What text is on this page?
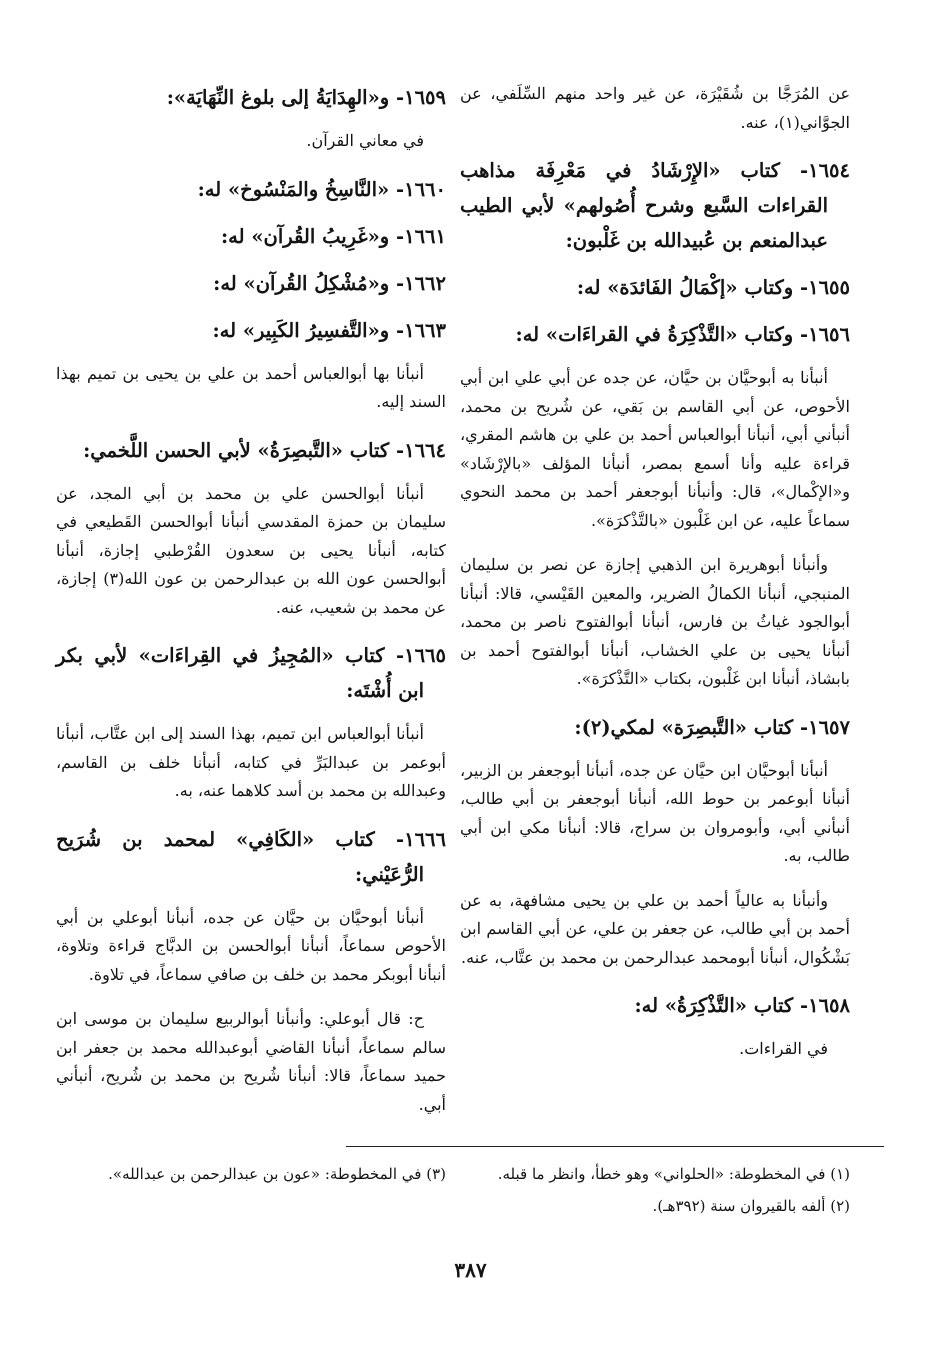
عن المُرَجَّا بن شُقَيْرَة، عن غير واحد منهم السِّلَفي، عن الجوَّاني(١)، عنه.

١٦٥٤- كتاب «الإِرْشَادُ في مَعْرِفَة مذاهب القراءات السَّبع وشرح أُصُولهم» لأبي الطيب عبدالمنعم بن عُبيدالله بن غَلْبون:
١٦٥٥- وكتاب «إكْمَالُ الفَائدَة» له:
١٦٥٦- وكتاب «التَّذْكِرَةُ في القراءَات» له:

أنبأنا به أبوحيَّان بن حيَّان، عن جده عن أبي علي ابن أبي الأحوص، عن أبي القاسم بن بَقي، عن شُريح بن محمد، أنبأني أبي، أنبأنا أبوالعباس أحمد بن علي بن هاشم المقري، قراءة عليه وأنا أسمع بمصر، أنبأنا المؤلف «بالإرْشَاد» و«الإكْمال»، قال: وأنبأنا أبوجعفر أحمد بن محمد النحوي سماعاً عليه، عن ابن غَلْبون «بالتَّذْكرَة».

وأنبأنا أبوهريرة ابن الذهبي إجازة عن نصر بن سليمان المنبجي، أنبأنا الكمالُ الضرير، والمعين القَيْسي، قالا: أنبأنا أبوالجود غياثُ بن فارس، أنبأنا أبوالفتوح ناصر بن محمد، أنبأنا يحيى بن علي الخشاب، أنبأنا أبوالفتوح أحمد بن بابشاذ، أنبأنا ابن غَلْبون، بكتاب «التَّذْكرَة».

١٦٥٧- كتاب «التَّبصِرَة» لمكي(٢):

أنبأنا أبوحيَّان ابن حيَّان عن جده، أنبأنا أبوجعفر بن الزبير، أنبأنا أبوعمر بن حوط الله، أنبأنا أبوجعفر بن أبي طالب، أنبأني أبي، وأبومروان بن سراج، قالا: أنبأنا مكي ابن أبي طالب، به.

وأنبأنا به عالياً أحمد بن علي بن يحيى مشافهة، به عن أحمد بن أبي طالب، عن جعفر بن علي، عن أبي القاسم ابن بَشْكُوال، أنبأنا أبومحمد عبدالرحمن بن محمد بن عتَّاب، عنه.

١٦٥٨- كتاب «التَّذْكِرَةُ» له:

في القراءات.

١٦٥٩- و«الهِدَايَةُ إلى بلوغ النِّهَايَة»:

في معاني القرآن.

١٦٦٠- «النَّاسِخُ والمَنْسُوخ» له:
١٦٦١- و«غَرِيبُ القُرآن» له:
١٦٦٢- و«مُشْكِلُ القُرآن» له:
١٦٦٣- و«التَّفسِيرُ الكَبِير» له:

أنبأنا بها أبوالعباس أحمد بن علي بن يحيى بن تميم بهذا السند إليه.

١٦٦٤- كتاب «التَّبصِرَةُ» لأبي الحسن اللَّخمي:

أنبأنا أبوالحسن علي بن محمد بن أبي المجد، عن سليمان بن حمزة المقدسي أنبأنا أبوالحسن القَطيعي في كتابه، أنبأنا يحيى بن سعدون القُرْطبي إجازة، أنبأنا أبوالحسن عون الله بن عبدالرحمن بن عون الله(٣) إجازة، عن محمد بن شعيب، عنه.

١٦٦٥- كتاب «المُجِيزُ في القِراءَات» لأبي بكر ابن أُشْتَه:

أنبأنا أبوالعباس ابن تميم، بهذا السند إلى ابن عتَّاب، أنبأنا أبوعمر بن عبدالبَرِّ في كتابه، أنبأنا خلف بن القاسم، وعبدالله بن محمد بن أسد كلاهما عنه، به.

١٦٦٦- كتاب «الكَافِي» لمحمد بن شُرَيح الرُّعَيْني:

أنبأنا أبوحيَّان بن حيَّان عن جده، أنبأنا أبوعلي بن أبي الأحوص سماعاً، أنبأنا أبوالحسن بن الدبَّاج قراءة وتلاوة، أنبأنا أبوبكر محمد بن خلف بن صافي سماعاً، في تلاوة.

ح: قال أبوعلي: وأنبأنا أبوالربيع سليمان بن موسى ابن سالم سماعاً، أنبأنا القاضي أبوعبدالله محمد بن جعفر ابن حميد سماعاً، قالا: أنبأنا شُريح بن محمد بن شُريح، أنبأني أبي.

(١) في المخطوطة: «الحلواني» وهو خطأ، وانظر ما قبله.

(٢) ألفه بالقيروان سنة (٣٩٢هـ).

(٣) في المخطوطة: «عون بن عبدالرحمن بن عبدالله».

٣٨٧
